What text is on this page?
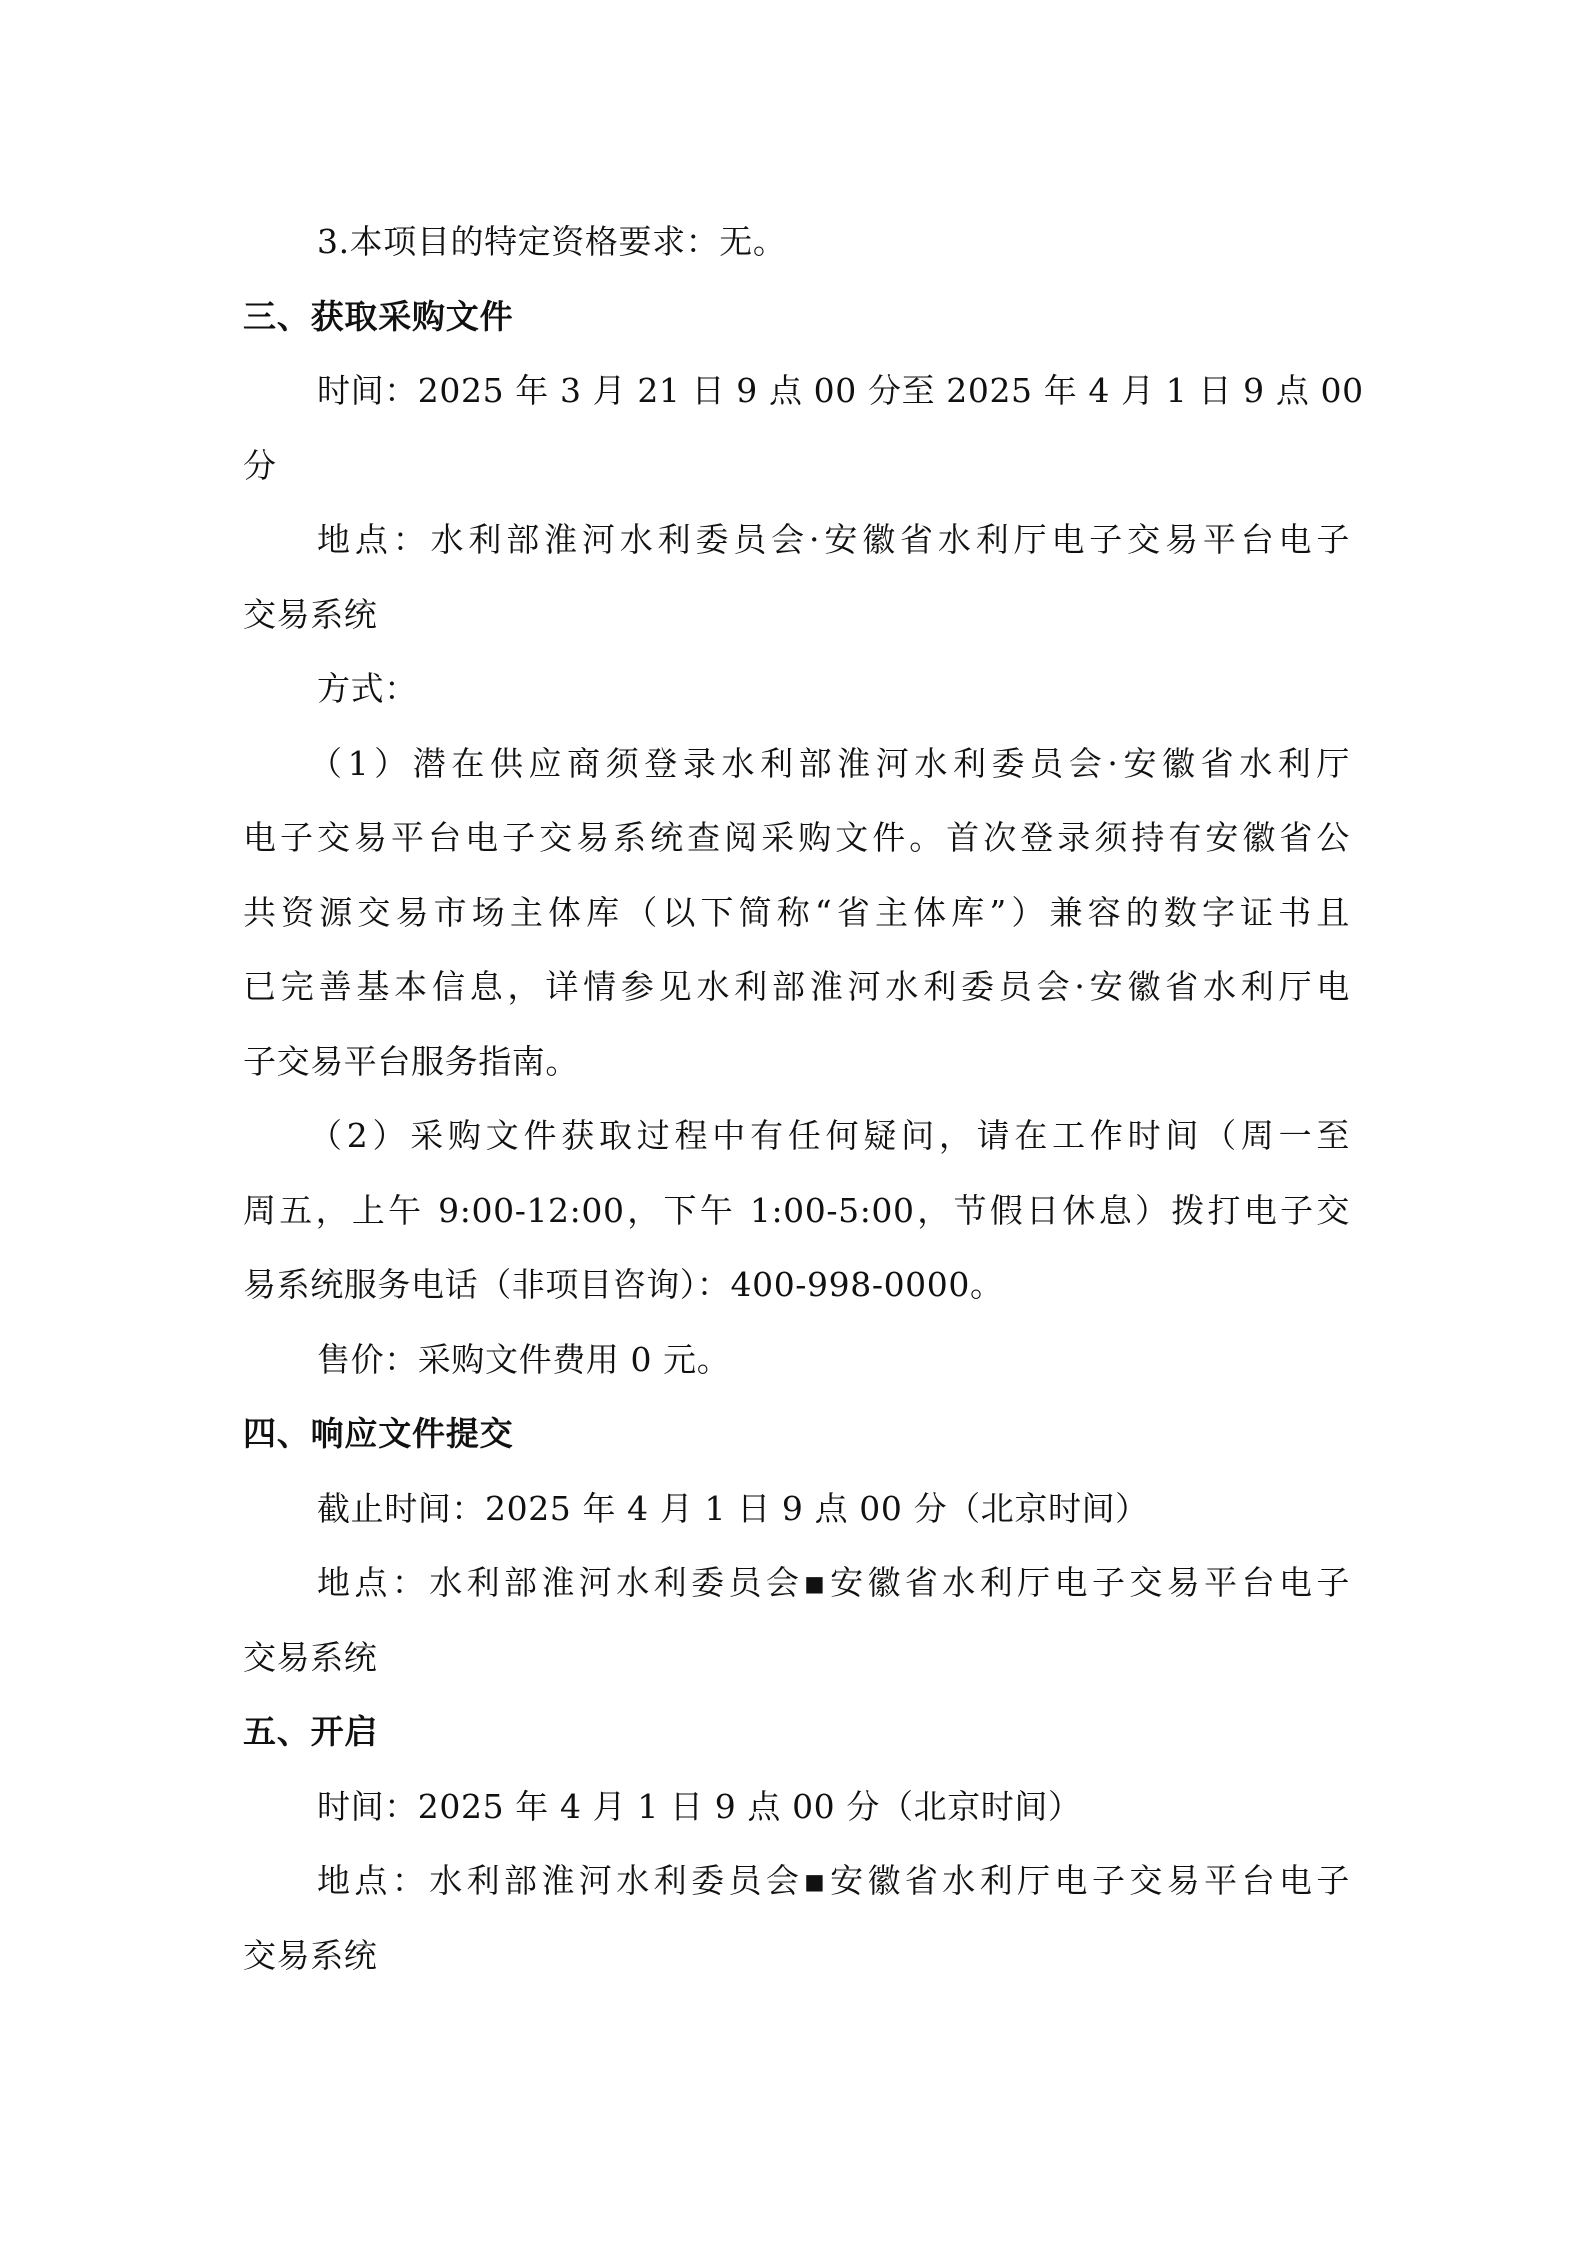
3.本项目的特定资格要求：无。
三、获取采购文件
时间：2025 年 3 月 21 日 9 点 00 分至 2025 年 4 月 1 日 9 点 00
分
地点：水利部淮河水利委员会·安徽省水利厅电子交易平台电子
交易系统
方式：
（1）潜在供应商须登录水利部淮河水利委员会·安徽省水利厅
电子交易平台电子交易系统查阅采购文件。首次登录须持有安徽省公
共资源交易市场主体库（以下简称“省主体库”）兼容的数字证书且
已完善基本信息，详情参见水利部淮河水利委员会·安徽省水利厅电
子交易平台服务指南。
（2）采购文件获取过程中有任何疑问，请在工作时间（周一至
周五，上午 9:00-12:00，下午 1:00-5:00，节假日休息）拨打电子交
易系统服务电话（非项目咨询）：400-998-0000。
售价：采购文件费用 0 元。
四、响应文件提交
截止时间：2025 年 4 月 1 日 9 点 00 分（北京时间）
地点：水利部淮河水利委员会▪安徽省水利厅电子交易平台电子
交易系统
五、开启
时间：2025 年 4 月 1 日 9 点 00 分（北京时间）
地点：水利部淮河水利委员会▪安徽省水利厅电子交易平台电子
交易系统
